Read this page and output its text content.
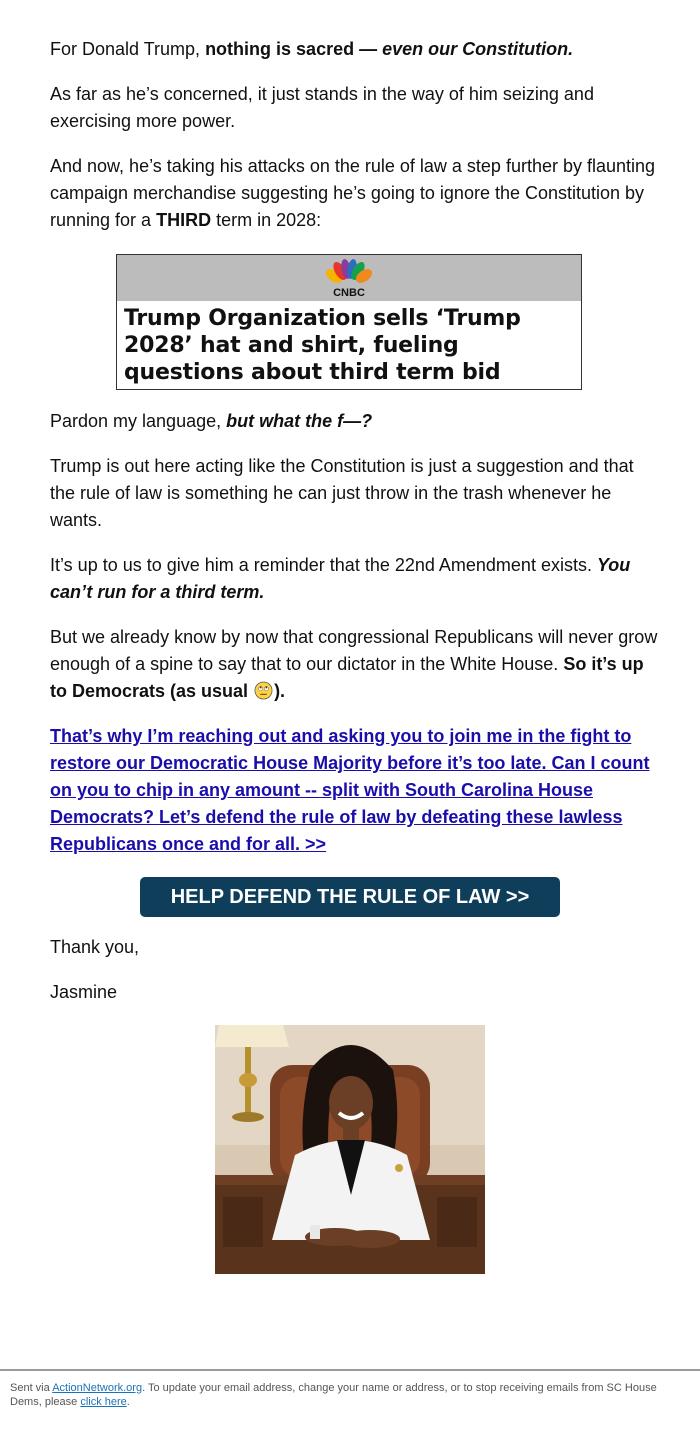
For Donald Trump, nothing is sacred — even our Constitution.

As far as he’s concerned, it just stands in the way of him seizing and exercising more power.

And now, he’s taking his attacks on the rule of law a step further by flaunting campaign merchandise suggesting he’s going to ignore the Constitution by running for a THIRD term in 2028:

CNBC
Trump Organization sells ‘Trump 2028’ hat and shirt, fueling questions about third term bid

Pardon my language, but what the f—?

Trump is out here acting like the Constitution is just a suggestion and that the rule of law is something he can just throw in the trash whenever he wants.

It’s up to us to give him a reminder that the 22nd Amendment exists. You can’t run for a third term.

But we already know by now that congressional Republicans will never grow enough of a spine to say that to our dictator in the White House. So it’s up to Democrats (as usual ).

That’s why I’m reaching out and asking you to join me in the fight to restore our Democratic House Majority before it’s too late. Can I count on you to chip in any amount -- split with South Carolina House Democrats? Let’s defend the rule of law by defeating these lawless Republicans once and for all. >>

HELP DEFEND THE RULE OF LAW >>
Thank you,
Jasmine
Sent via ActionNetwork.org. To update your email address, change your name or address, or to stop receiving emails from SC House Dems, please click here.
